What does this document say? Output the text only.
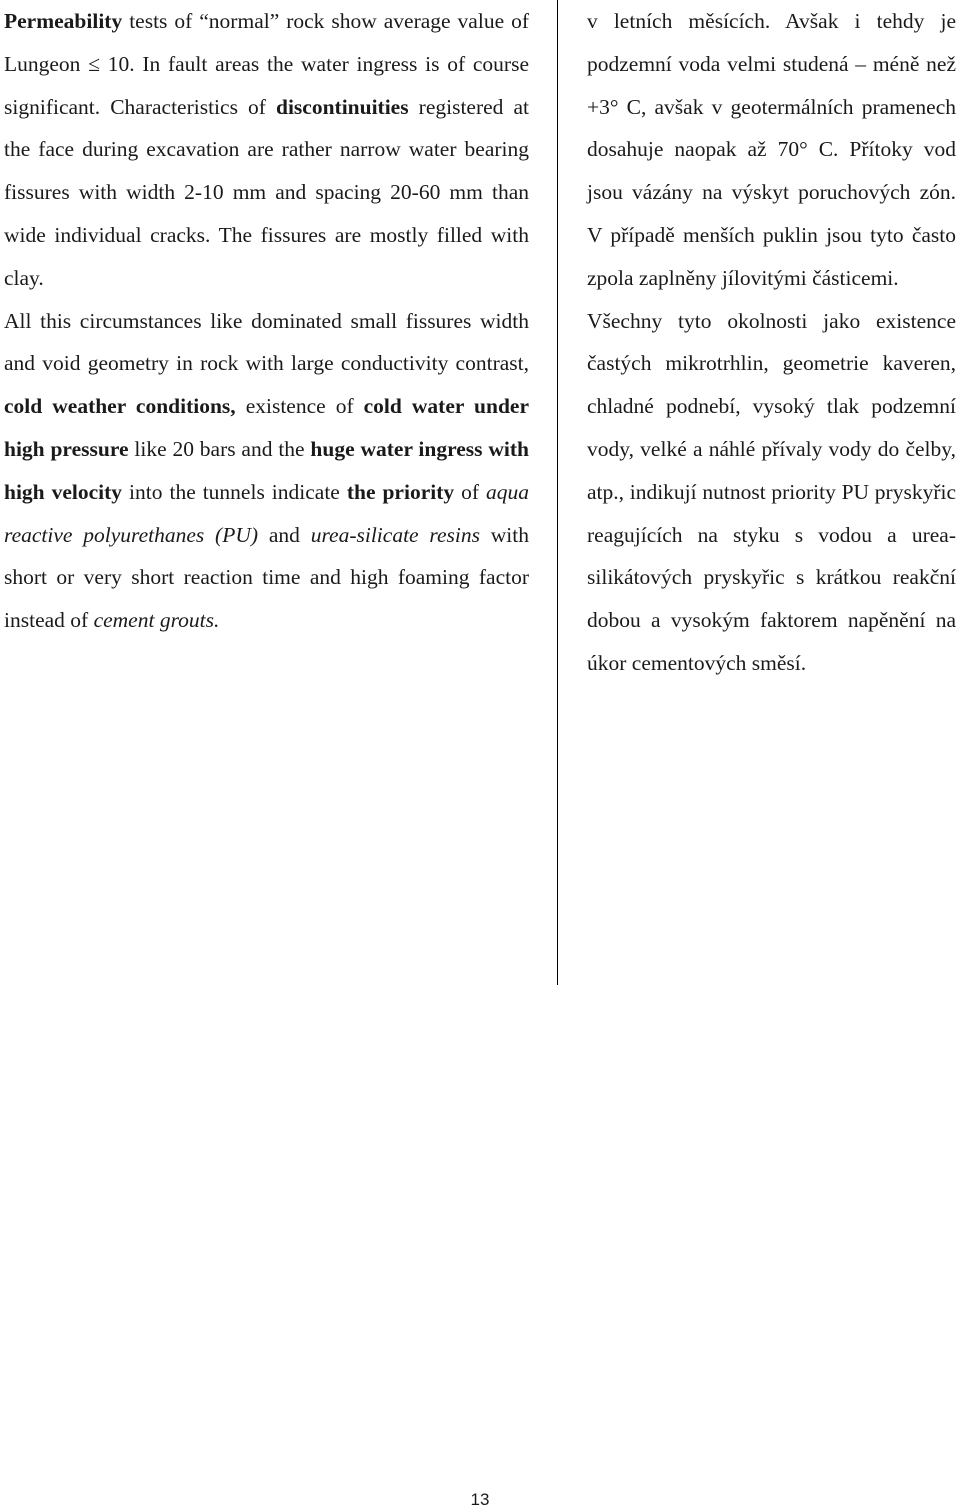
Permeability tests of “normal” rock show average value of Lungeon ≤ 10. In fault areas the water ingress is of course significant. Characteristics of discontinuities registered at the face during excavation are rather narrow water bearing fissures with width 2-10 mm and spacing 20-60 mm than wide individual cracks. The fissures are mostly filled with clay.

All this circumstances like dominated small fissures width and void geometry in rock with large conductivity contrast, cold weather conditions, existence of cold water under high pressure like 20 bars and the huge water ingress with high velocity into the tunnels indicate the priority of aqua reactive polyurethanes (PU) and urea-silicate resins with short or very short reaction time and high foaming factor instead of cement grouts.

v letních měsících. Avšak i tehdy je podzemní voda velmi studená – méně než +3° C, avšak v geotermálních pramenech dosahuje naopak až 70° C. Přítoky vod jsou vázány na výskyt poruchových zón. V případě menších puklin jsou tyto často zpola zaplněny jílovitými částicemi.

Všechny tyto okolnosti jako existence častých mikrotrhlin, geometrie kaveren, chladné podnebí, vysoký tlak podzemní vody, velké a náhlé přívaly vody do čelby, atp., indikují nutnost priority PU pryskyřic reagujících na styku s vodou a urea-silikátových pryskyřic s krátkou reakční dobou a vysokým faktorem napěnění na úkor cementových směsí.

13
